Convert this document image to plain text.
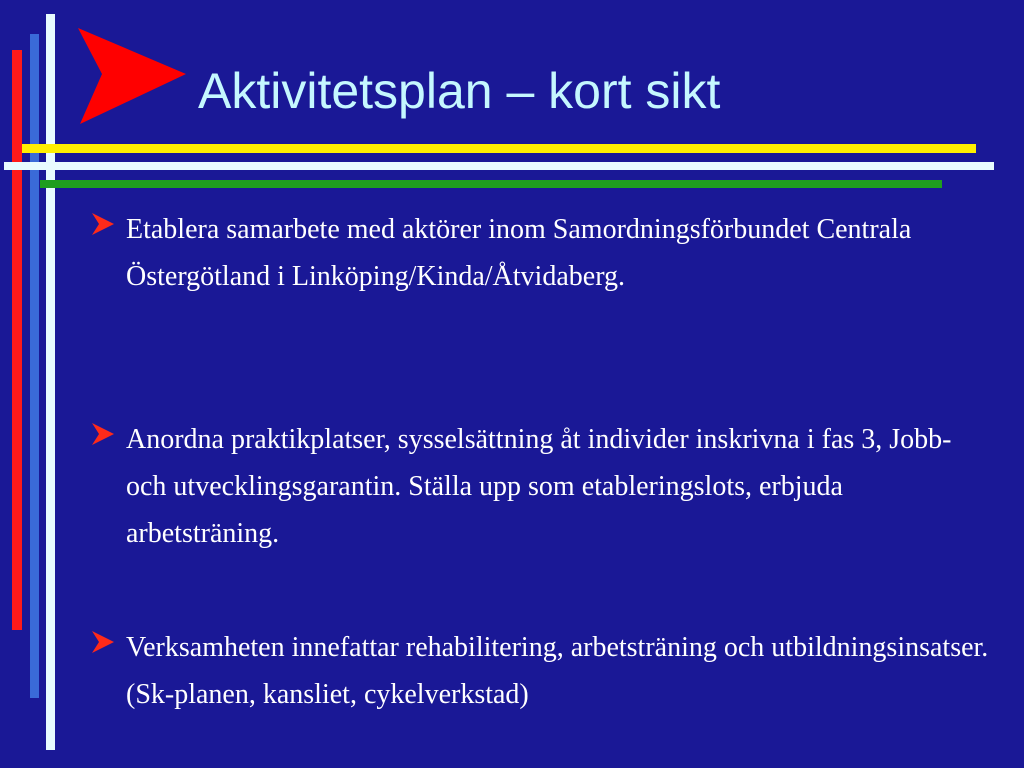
Aktivitetsplan – kort sikt
Etablera samarbete med aktörer inom Samordningsförbundet Centrala Östergötland i Linköping/Kinda/Åtvidaberg.
Anordna praktikplatser, sysselsättning åt individer inskrivna i fas 3, Jobb-och utvecklingsgarantin. Ställa upp som etableringslots, erbjuda arbetsträning.
Verksamheten innefattar rehabilitering, arbetsträning och utbildningsinsatser. (Sk-planen, kansliet, cykelverkstad)
